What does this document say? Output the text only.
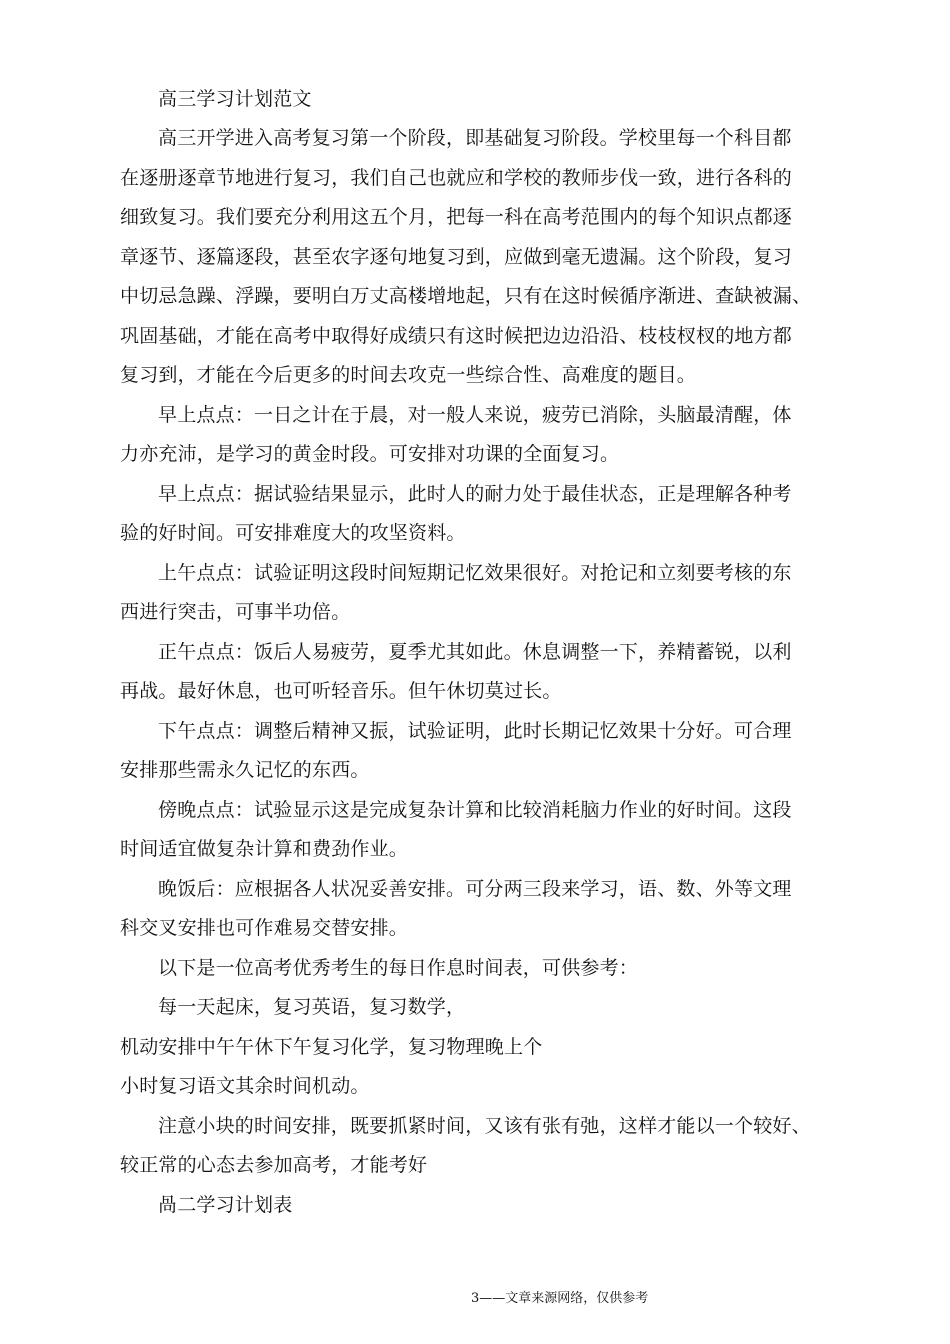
高三学习计划范文
高三开学进入高考复习第一个阶段，即基础复习阶段。学校里每一个科目都
在逐册逐章节地进行复习，我们自己也就应和学校的教师步伐一致，进行各科的
细致复习。我们要充分利用这五个月，把每一科在高考范围内的每个知识点都逐
章逐节、逐篇逐段，甚至农字逐句地复习到，应做到毫无遗漏。这个阶段，复习
中切忌急躁、浮躁，要明白万丈高楼增地起，只有在这时候循序渐进、查缺被漏、
巩固基础，才能在高考中取得好成绩只有这时候把边边沿沿、枝枝杈杈的地方都
复习到，才能在今后更多的时间去攻克一些综合性、高难度的题目。
早上点点：一日之计在于晨，对一般人来说，疲劳已消除，头脑最清醒，体
力亦充沛，是学习的黄金时段。可安排对功课的全面复习。
早上点点：据试验结果显示，此时人的耐力处于最佳状态，正是理解各种考
验的好时间。可安排难度大的攻坚资料。
上午点点：试验证明这段时间短期记忆效果很好。对抢记和立刻要考核的东
西进行突击，可事半功倍。
正午点点：饭后人易疲劳，夏季尤其如此。休息调整一下，养精蓄锐，以利
再战。最好休息，也可听轻音乐。但午休切莫过长。
下午点点：调整后精神又振，试验证明，此时长期记忆效果十分好。可合理
安排那些需永久记忆的东西。
傍晚点点：试验显示这是完成复杂计算和比较消耗脑力作业的好时间。这段
时间适宜做复杂计算和费劲作业。
晚饭后：应根据各人状况妥善安排。可分两三段来学习，语、数、外等文理
科交叉安排也可作难易交替安排。
以下是一位高考优秀考生的每日作息时间表，可供参考：
每一天起床，复习英语，复习数学，
机动安排中午午休下午复习化学，复习物理晚上个
小时复习语文其余时间机动。
注意小块的时间安排，既要抓紧时间，又该有张有弛，这样才能以一个较好、
较正常的心态去参加高考，才能考好
咼二学习计划表
3——文章来源网络，仅供参考
